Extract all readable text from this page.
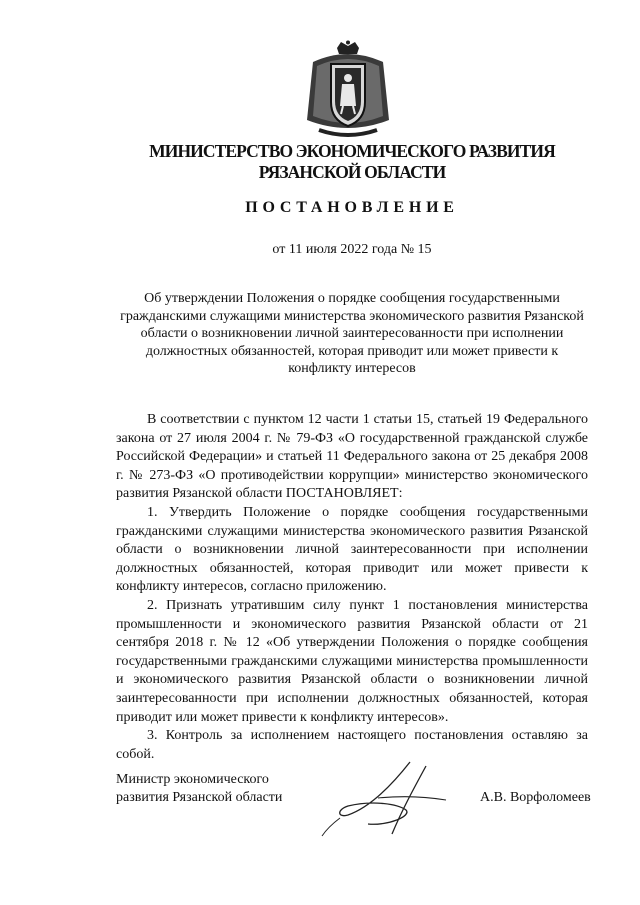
МИНИСТЕРСТВО ЭКОНОМИЧЕСКОГО РАЗВИТИЯ
РЯЗАНСКОЙ ОБЛАСТИ
ПОСТАНОВЛЕНИЕ
от 11 июля 2022 года № 15
Об утверждении Положения о порядке сообщения государственными гражданскими служащими министерства экономического развития Рязанской области о возникновении личной заинтересованности при исполнении должностных обязанностей, которая приводит или может привести к конфликту интересов

В соответствии с пунктом 12 части 1 статьи 15, статьей 19 Федерального закона от 27 июля 2004 г. № 79-ФЗ «О государственной гражданской службе Российской Федерации» и статьей 11 Федерального закона от 25 декабря 2008 г. № 273-ФЗ «О противодействии коррупции» министерство экономического развития Рязанской области ПОСТАНОВЛЯЕТ:

1. Утвердить Положение о порядке сообщения государственными гражданскими служащими министерства экономического развития Рязанской области о возникновении личной заинтересованности при исполнении должностных обязанностей, которая приводит или может привести к конфликту интересов, согласно приложению.

2. Признать утратившим силу пункт 1 постановления министерства промышленности и экономического развития Рязанской области от 21 сентября 2018 г. № 12 «Об утверждении Положения о порядке сообщения государственными гражданскими служащими министерства промышленности и экономического развития Рязанской области о возникновении личной заинтересованности при исполнении должностных обязанностей, которая приводит или может привести к конфликту интересов».

3. Контроль за исполнением настоящего постановления оставляю за собой.

Министр экономического
развития Рязанской области	А.В. Ворфоломеев
